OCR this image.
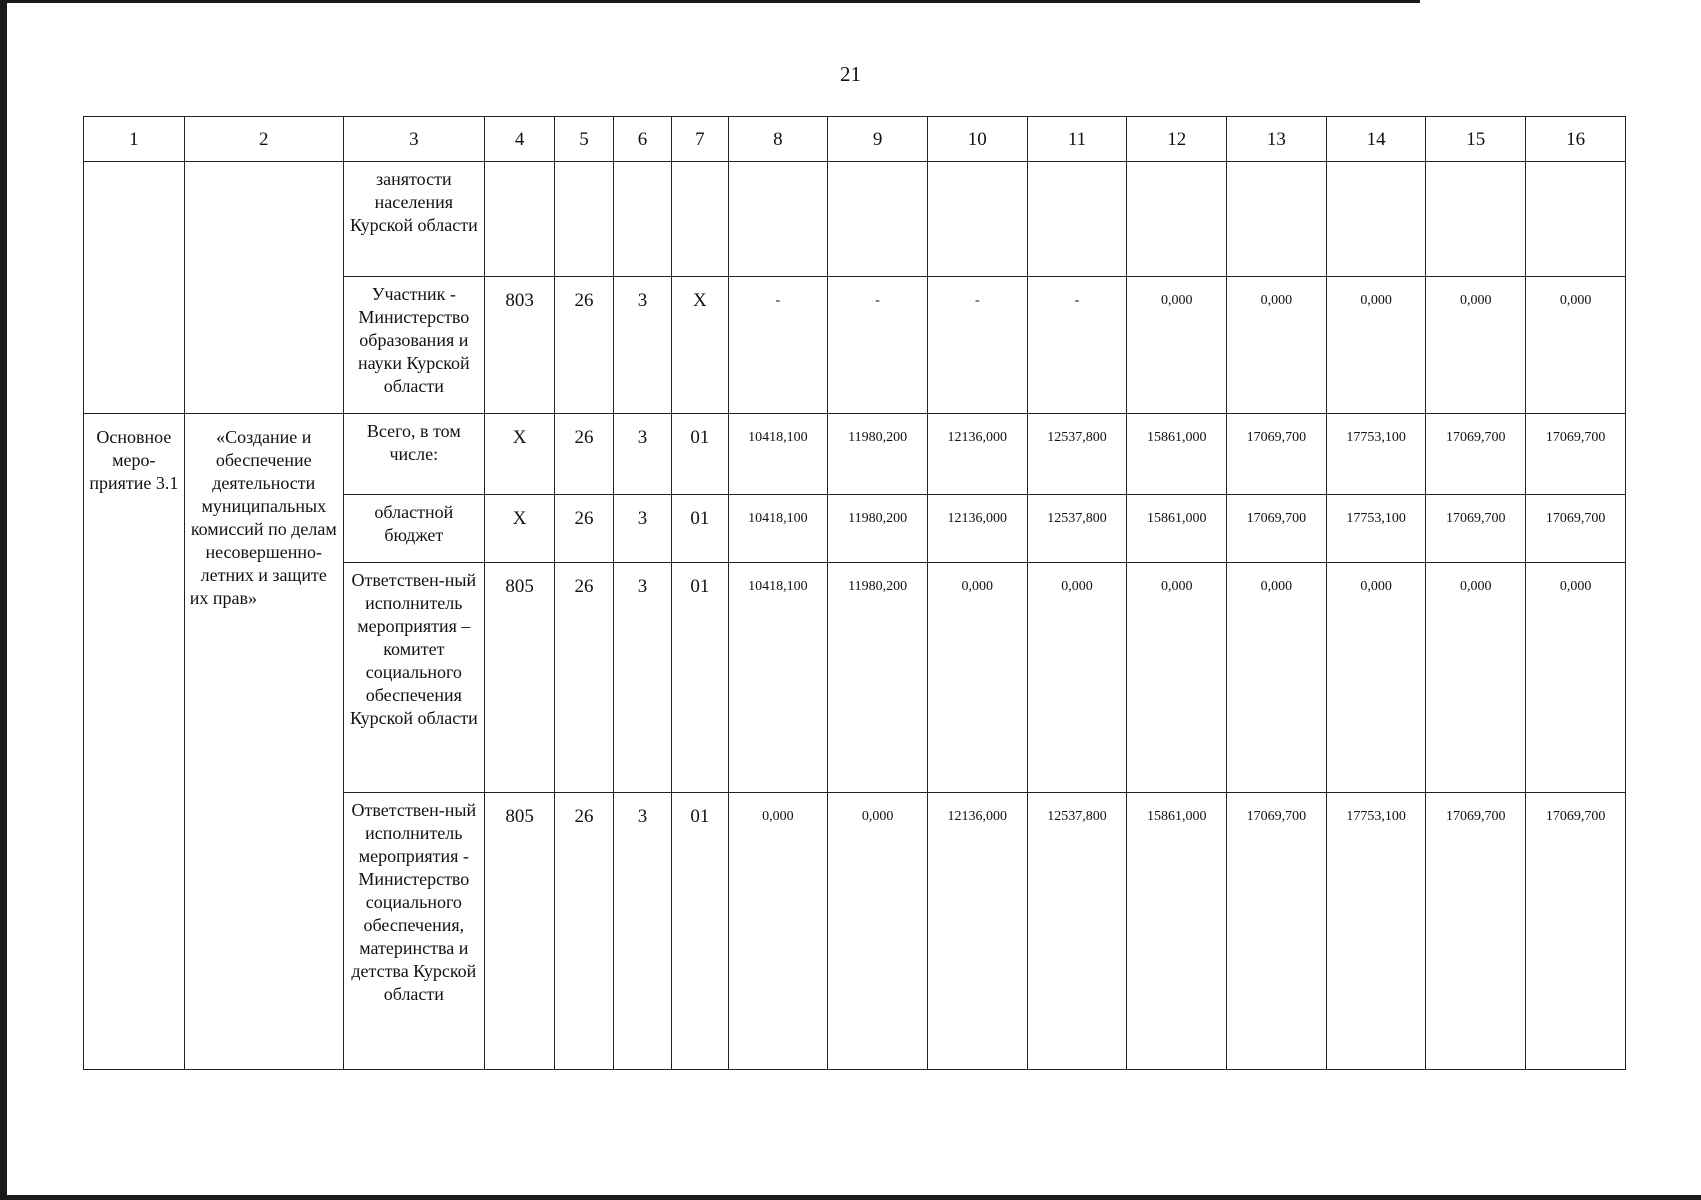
21
1	2	3	4	5	6	7	8	9	10	11	12	13	14	15	16
		занятости населения Курской области													
		Участник - Министерство образования и науки Курской области	803	26	3	X	-	-	-	-	0,000	0,000	0,000	0,000	0,000
Основное меро-приятие 3.1	«Создание и обеспечение деятельности муниципальных комиссий по делам несовершенно-летних и защите их прав»	Всего, в том числе:	X	26	3	01	10418,100	11980,200	12136,000	12537,800	15861,000	17069,700	17753,100	17069,700	17069,700
		областной бюджет	X	26	3	01	10418,100	11980,200	12136,000	12537,800	15861,000	17069,700	17753,100	17069,700	17069,700
		Ответствен-ный исполнитель мероприятия – комитет социального обеспечения Курской области	805	26	3	01	10418,100	11980,200	0,000	0,000	0,000	0,000	0,000	0,000	0,000
		Ответствен-ный исполнитель мероприятия - Министерство социального обеспечения, материнства и детства Курской области	805	26	3	01	0,000	0,000	12136,000	12537,800	15861,000	17069,700	17753,100	17069,700	17069,700
